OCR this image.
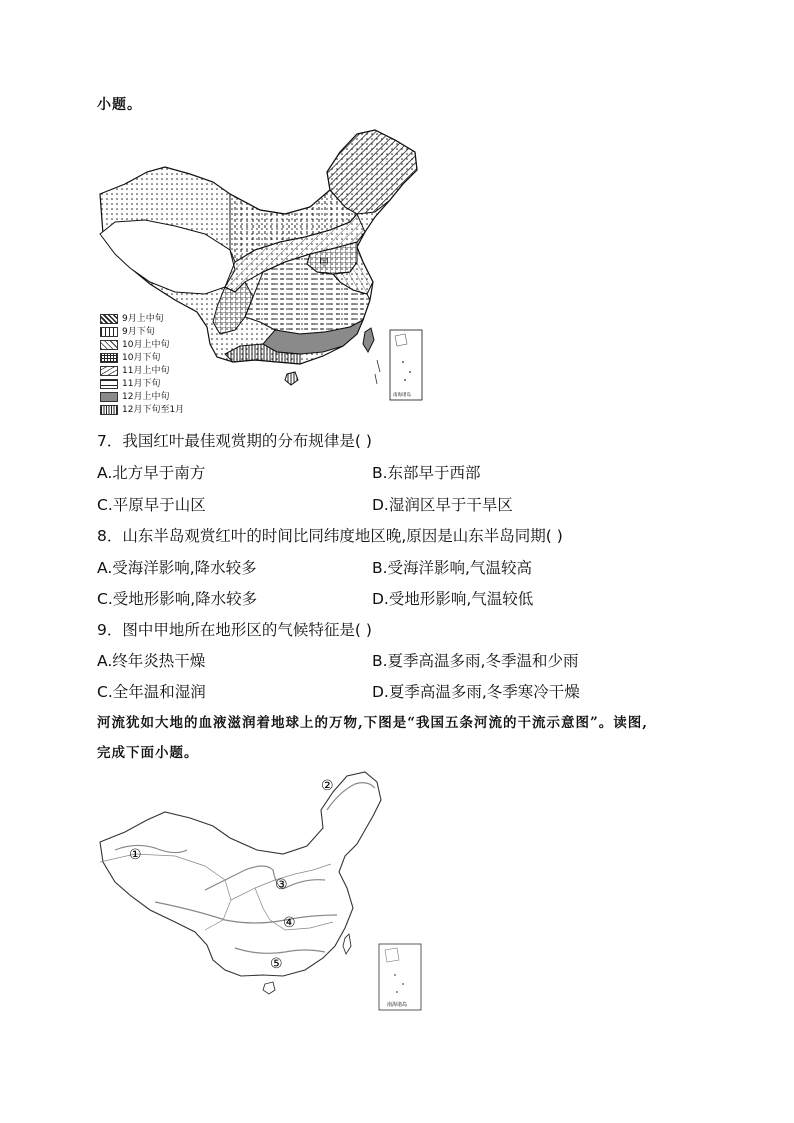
小题。
甲
南海诸岛
9月上中旬
9月下旬
10月上中旬
10月下旬
11月上中旬
11月下旬
12月上中旬
12月下旬至1月
7．我国红叶最佳观赏期的分布规律是( )
A.北方早于南方	B.东部早于西部
C.平原早于山区	D.湿润区早于干旱区
8．山东半岛观赏红叶的时间比同纬度地区晚,原因是山东半岛同期( )
A.受海洋影响,降水较多	B.受海洋影响,气温较高
C.受地形影响,降水较多	D.受地形影响,气温较低
9．图中甲地所在地形区的气候特征是( )
A.终年炎热干燥	B.夏季高温多雨,冬季温和少雨
C.全年温和湿润	D.夏季高温多雨,冬季寒冷干燥
河流犹如大地的血液滋润着地球上的万物,下图是“我国五条河流的干流示意图”。读图,
完成下面小题。
①
②
③
④
⑤
南海诸岛
